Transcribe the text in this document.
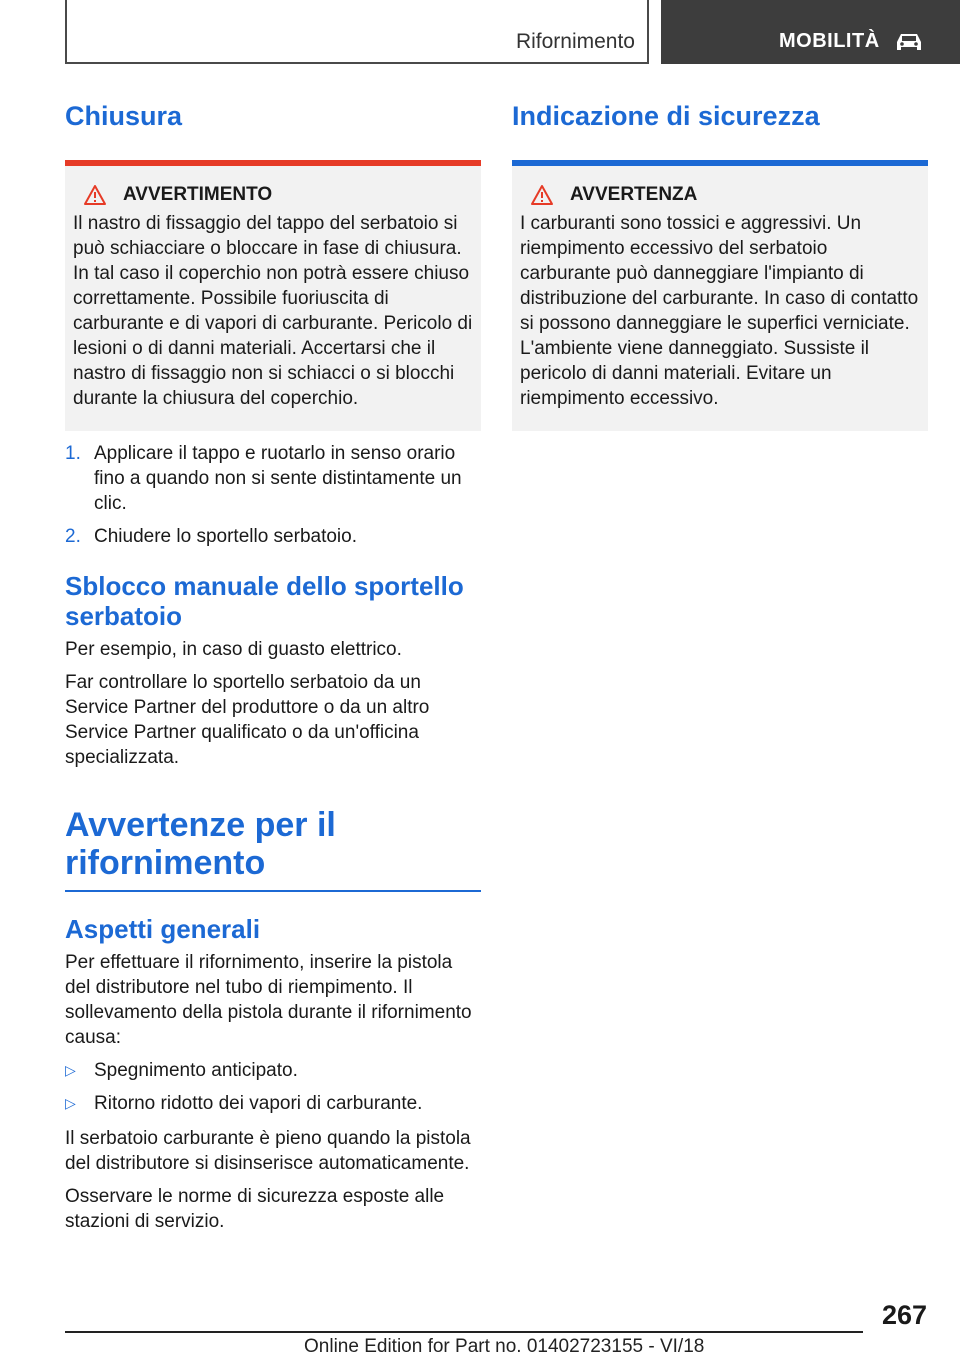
Rifornimento	MOBILITÀ
Chiusura
AVVERTIMENTO

Il nastro di fissaggio del tappo del serbatoio si può schiacciare o bloccare in fase di chiusura. In tal caso il coperchio non potrà essere chiuso correttamente. Possibile fuoriuscita di carburante e di vapori di carburante. Pericolo di lesioni o di danni materiali. Accertarsi che il nastro di fissaggio non si schiacci o si blocchi durante la chiusura del coperchio.

1. Applicare il tappo e ruotarlo in senso orario fino a quando non si sente distintamente un clic.
2. Chiudere lo sportello serbatoio.
Sblocco manuale dello sportello serbatoio

Per esempio, in caso di guasto elettrico.

Far controllare lo sportello serbatoio da un Service Partner del produttore o da un altro Service Partner qualificato o da un'officina specializzata.

Avvertenze per il rifornimento
Aspetti generali

Per effettuare il rifornimento, inserire la pistola del distributore nel tubo di riempimento. Il sollevamento della pistola durante il rifornimento causa:

▷ Spegnimento anticipato.
▷ Ritorno ridotto dei vapori di carburante.

Il serbatoio carburante è pieno quando la pistola del distributore si disinserisce automaticamente.

Osservare le norme di sicurezza esposte alle stazioni di servizio.

Indicazione di sicurezza
AVVERTENZA

I carburanti sono tossici e aggressivi. Un riempimento eccessivo del serbatoio carburante può danneggiare l'impianto di distribuzione del carburante. In caso di contatto si possono danneggiare le superfici verniciate. L'ambiente viene danneggiato. Sussiste il pericolo di danni materiali. Evitare un riempimento eccessivo.

267
Online Edition for Part no. 01402723155 - VI/18
